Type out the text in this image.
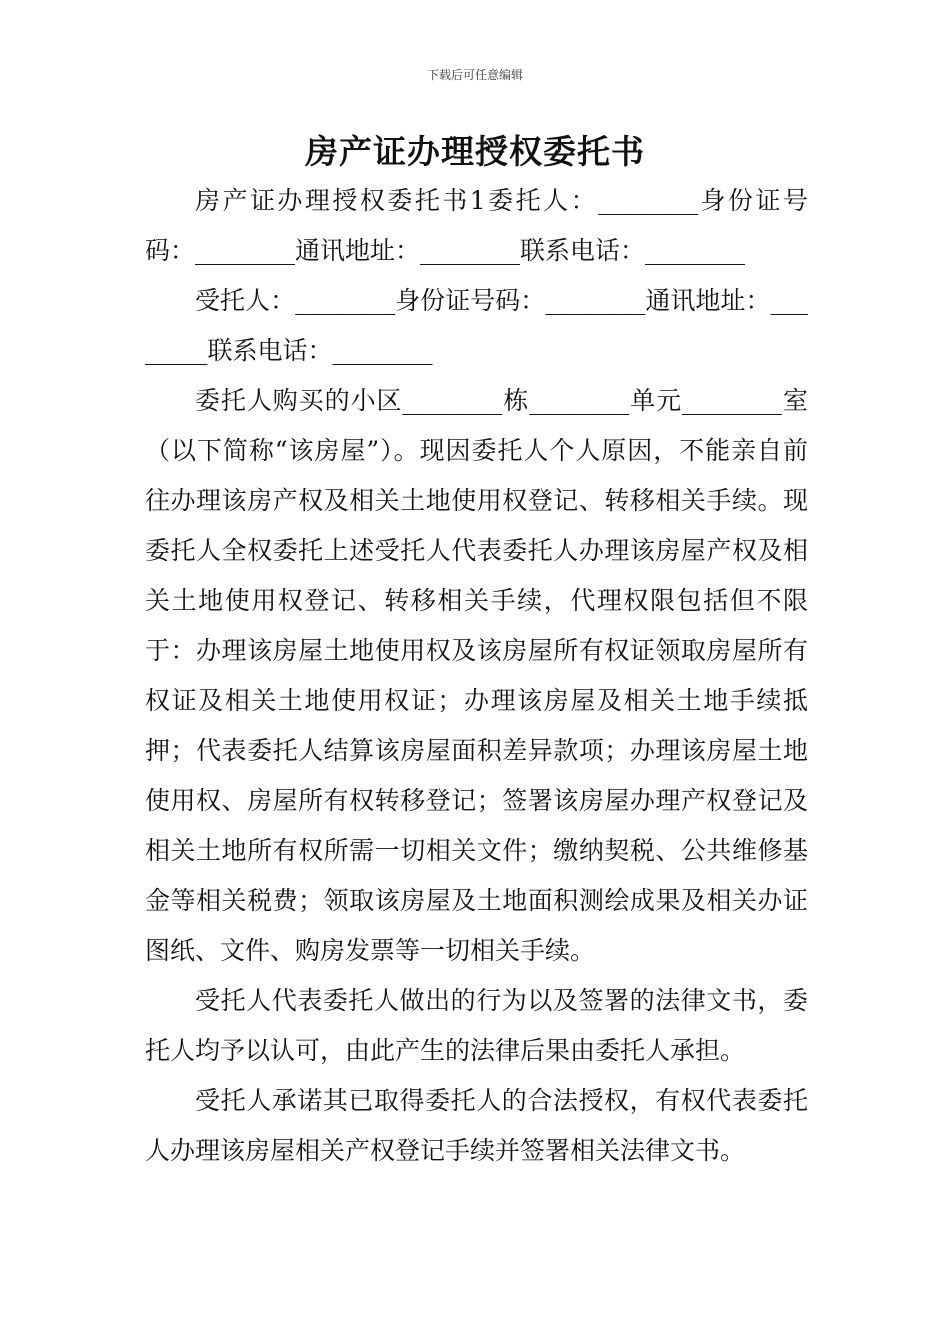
下载后可任意编辑
房产证办理授权委托书

房产证办理授权委托书1委托人：________身份证号码：________通讯地址：________联系电话：________

受托人：________身份证号码：________通讯地址：________联系电话：________

委托人购买的小区________栋________单元________室（以下简称“该房屋”）。现因委托人个人原因，不能亲自前往办理该房产权及相关土地使用权登记、转移相关手续。现委托人全权委托上述受托人代表委托人办理该房屋产权及相关土地使用权登记、转移相关手续，代理权限包括但不限于：办理该房屋土地使用权及该房屋所有权证领取房屋所有权证及相关土地使用权证；办理该房屋及相关土地手续抵押；代表委托人结算该房屋面积差异款项；办理该房屋土地使用权、房屋所有权转移登记；签署该房屋办理产权登记及相关土地所有权所需一切相关文件；缴纳契税、公共维修基金等相关税费；领取该房屋及土地面积测绘成果及相关办证图纸、文件、购房发票等一切相关手续。

受托人代表委托人做出的行为以及签署的法律文书，委托人均予以认可，由此产生的法律后果由委托人承担。

受托人承诺其已取得委托人的合法授权，有权代表委托人办理该房屋相关产权登记手续并签署相关法律文书。
